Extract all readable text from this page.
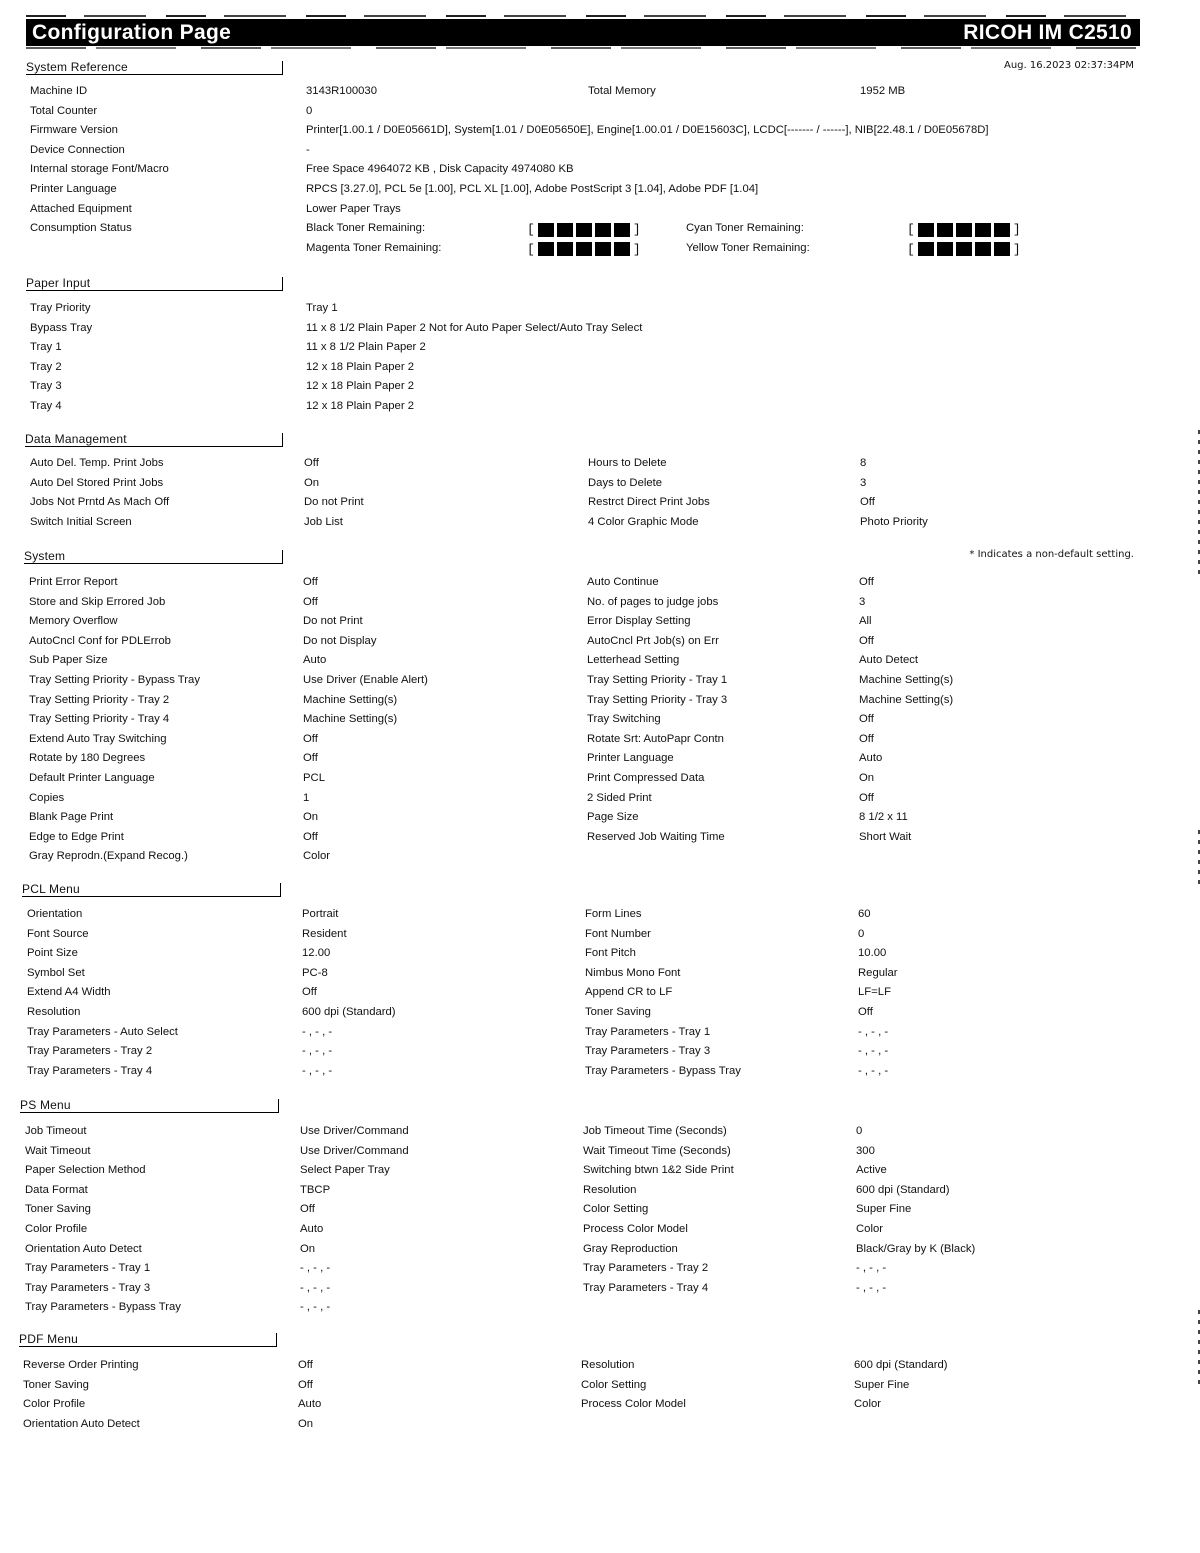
Configuration Page	RICOH IM C2510
System Reference	Aug. 16.2023 02:37:34PM
Machine ID	3143R100030	Total Memory	1952 MB
Total Counter	0
Firmware Version	Printer[1.00.1 / D0E05661D], System[1.01 / D0E05650E], Engine[1.00.01 / D0E15603C], LCDC[------- / ------], NIB[22.48.1 / D0E05678D]
Device Connection	-
Internal storage Font/Macro	Free Space 4964072 KB , Disk Capacity 4974080 KB
Printer Language	RPCS [3.27.0], PCL 5e [1.00], PCL XL [1.00], Adobe PostScript 3 [1.04], Adobe PDF [1.04]
Attached Equipment	Lower Paper Trays
Consumption Status	Black Toner Remaining:	[	]	Cyan Toner Remaining:	[	]
Magenta Toner Remaining:	[	]	Yellow Toner Remaining:	[	]
Paper Input
Tray Priority	Tray 1
Bypass Tray	11 x 8 1/2 Plain Paper 2 Not for Auto Paper Select/Auto Tray Select
Tray 1	11 x 8 1/2 Plain Paper 2
Tray 2	12 x 18 Plain Paper 2
Tray 3	12 x 18 Plain Paper 2
Tray 4	12 x 18 Plain Paper 2
Data Management
Auto Del. Temp. Print Jobs	Off	Hours to Delete	8
Auto Del Stored Print Jobs	On	Days to Delete	3
Jobs Not Prntd As Mach Off	Do not Print	Restrct Direct Print Jobs	Off
Switch Initial Screen	Job List	4 Color Graphic Mode	Photo Priority
System	* Indicates a non-default setting.
Print Error Report	Off	Auto Continue	Off
Store and Skip Errored Job	Off	No. of pages to judge jobs	3
Memory Overflow	Do not Print	Error Display Setting	All
AutoCncl Conf for PDLErrob	Do not Display	AutoCncl Prt Job(s) on Err	Off
Sub Paper Size	Auto	Letterhead Setting	Auto Detect
Tray Setting Priority - Bypass Tray	Use Driver (Enable Alert)	Tray Setting Priority - Tray 1	Machine Setting(s)
Tray Setting Priority - Tray 2	Machine Setting(s)	Tray Setting Priority - Tray 3	Machine Setting(s)
Tray Setting Priority - Tray 4	Machine Setting(s)	Tray Switching	Off
Extend Auto Tray Switching	Off	Rotate Srt: AutoPapr Contn	Off
Rotate by 180 Degrees	Off	Printer Language	Auto
Default Printer Language	PCL	Print Compressed Data	On
Copies	1	2 Sided Print	Off
Blank Page Print	On	Page Size	8 1/2 x 11
Edge to Edge Print	Off	Reserved Job Waiting Time	Short Wait
Gray Reprodn.(Expand Recog.)	Color
PCL Menu
Orientation	Portrait	Form Lines	60
Font Source	Resident	Font Number	0
Point Size	12.00	Font Pitch	10.00
Symbol Set	PC-8	Nimbus Mono Font	Regular
Extend A4 Width	Off	Append CR to LF	LF=LF
Resolution	600 dpi (Standard)	Toner Saving	Off
Tray Parameters - Auto Select	- , - , -	Tray Parameters - Tray 1	- , - , -
Tray Parameters - Tray 2	- , - , -	Tray Parameters - Tray 3	- , - , -
Tray Parameters - Tray 4	- , - , -	Tray Parameters - Bypass Tray	- , - , -
PS Menu
Job Timeout	Use Driver/Command	Job Timeout Time (Seconds)	0
Wait Timeout	Use Driver/Command	Wait Timeout Time (Seconds)	300
Paper Selection Method	Select Paper Tray	Switching btwn 1&2 Side Print	Active
Data Format	TBCP	Resolution	600 dpi (Standard)
Toner Saving	Off	Color Setting	Super Fine
Color Profile	Auto	Process Color Model	Color
Orientation Auto Detect	On	Gray Reproduction	Black/Gray by K (Black)
Tray Parameters - Tray 1	- , - , -	Tray Parameters - Tray 2	- , - , -
Tray Parameters - Tray 3	- , - , -	Tray Parameters - Tray 4	- , - , -
Tray Parameters - Bypass Tray	- , - , -
PDF Menu
Reverse Order Printing	Off	Resolution	600 dpi (Standard)
Toner Saving	Off	Color Setting	Super Fine
Color Profile	Auto	Process Color Model	Color
Orientation Auto Detect	On
